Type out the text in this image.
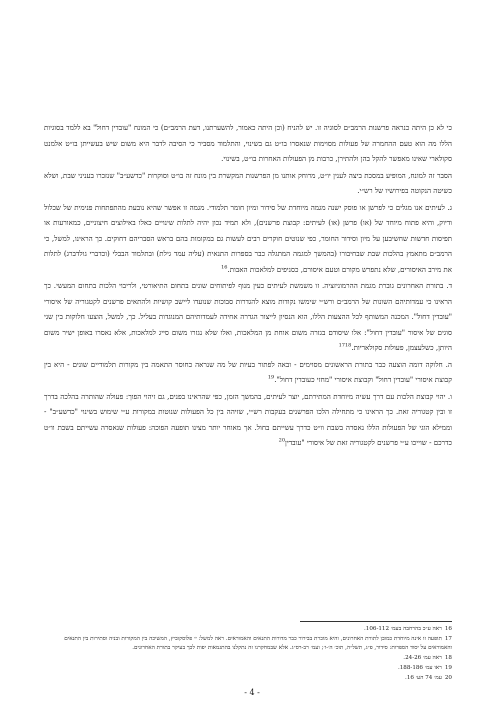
כי לא כן היתה כנראה פרשנות הרמב״ם לסוגיה זו. יש להניח (וכן היתה כאמור, להשערתנו, דעת הרמב״ם) כי המונח "עובדין דחול" בא ללמד בסוגיות הללו מה הוא טעם ההחמרה של פעולות מסוימות שנאסרו בו״ט גם בשינוי, והתלמוד מסביר כי הסיבה לדבר היא משום שיש בעשייתן בו״ט אלמנט סקולארי שאינו מאפשר להקל בהן ולהתירן, כרבות מן הפעולות האחרות בו״ט, בשינוי.

הסבר זה למונח, המופיע במסכת ביצה לענין יו״ט, מרוחק אותנו מן הפרשנות המקשרת בין מונח זה בו״ט וסוקרות "כדשע״ב" שנזכרו בעניני שבת, ושלא כשיטה הנקוטה בפירושיו של רש״י.

ג. לעיתים אנו מגלים כי לפרשן או פוסק ישנה מגמה מיוחדת של סידור ומיון חומר תלמודי. מגמה זו אפשר שהיא נובעת מהתפתחות פנימית של שכלול ודיוק, והיא פתוח מיוחד של (או) פרשן (או) לעיתים: קבוצת פרשנים), ולא תמיד נכון יהיה לתלות שינויים כאלו באילוצים חיצוניים, כמאורעות או תפיסות חדשות שחשיבען על מיון וסידור החומר, כפי שנוטים חוקרים רבים לעשות גם במקומות בהם בראש הסבריהם דחוקים. כך הראינו, למשל, כי הרמב״ם מתאמץ בהלכות שבת שבחיבורו (בהמשך למגמה המתגלה כבר בספרות התנאית (עליה עמד גילת) ובתלמוד הבבלי (וכדברי גולדברג) לתלות את מירב האיסורים, שלא נתפרש מקורם וטעם איסורם, כסניפים למלאכות האבות.$^{16}$

ד. בתורת האחרונים גוברת מגמת ההרמוניזציה. זו משמשת לעיתים כעין מנוף לפיתוחים שונים בתחום התיאורטי, ולריבוי הלכות בתחום המעשי. כך הראינו כי עמדותיהם השונות של הרמב״ם ורש״י שימשו נקודות מוצא להגדרות סבוכות שנועדו ליישב קושיות ולהתאים פרשנים לקטגוריה של איסורי "עובדין דחול". המכנה המשותף לכל ההצעות הללו, הוא הנסיון לייצור הגדרה אחידה לעמדותיהם המנוגדות בעליל. כך, למשל, הוצעו חלוקות בין שני סוגים של איסור "עובדין דחול": אלו שיסודם בגזרה משום אוחת מן המלאכות, ואלו שלא נגזרו משום סייג למלאכות, אלא נאסרו באופן ישיר משום היותן, כשלעצמן, פעולות סקולאריות.$^{1718}$

ה. חלוקה דומה הוצעה כבר בתורת הראשונים מסוימים - ובאה לפתור בעיות של מה שנראה כחוסר התאמה בין מקורות תלמודיים שונים - היא בין קבוצת איסורי "עובדין דחול" וקבוצת איסורי "מחזי כעובדין דחול".$^{19}$

ו. יהוי קבוצת הלכות עם דרך עשיה מיוחדת המתירתם, יוצר לעיתים, בהמשך הזמן, כפי שהראינו בפנים, גם זיהוי הפוך: פעולה שהותרה בהלכה בדרך זו ובין קטגוריה זאת. כך הראינו כי מתחילה הלכו הפרשנים בעקבות רש״י, שזיהה בין כל הפעולות שנוטות במקורות ע״י שימוש בשינוי "כדשע״ב" - וממילא הוגי של הפעולות הללו נאסרה בשבת וו״ט כדרך עשייתם בחול. אך מאוחר יותר מצינו תופעה הפוכה: פעולות שנאסרה עשייתם בשבת וו״ט כדרכם - שוייכו ע״י פרשנים לקטגוריה זאת של איסורי "עובדין$^{20}$

16ראה ע״כ בהרחבה בעמ׳ 106-112.

17תופעה זו אינה מיוחדת כמובן לתורת האחרונים, והיא מוכרת בבירור כבר מדורות התנאים והאמוראים. ראה למשל: י׳ פלוסקוביץ, המשיכה בין המקורות ובניה וסתירות בין התנאים והאמוראים על יסוד הספרות: סידור, פ״ג, תשל״ה, תוכ׳ ה׳-ו׳; ועמ׳ רב-רס״ג. אלא שבמחקרנו זה נתקלנו בהתגמאות יפות לכך בעיקר בתורת האחרונים.

18ראה עמ׳ 24-26.

19ראו עמ׳ 188-186.

20עמ׳ 74 הע׳ 16.

- 4 -
